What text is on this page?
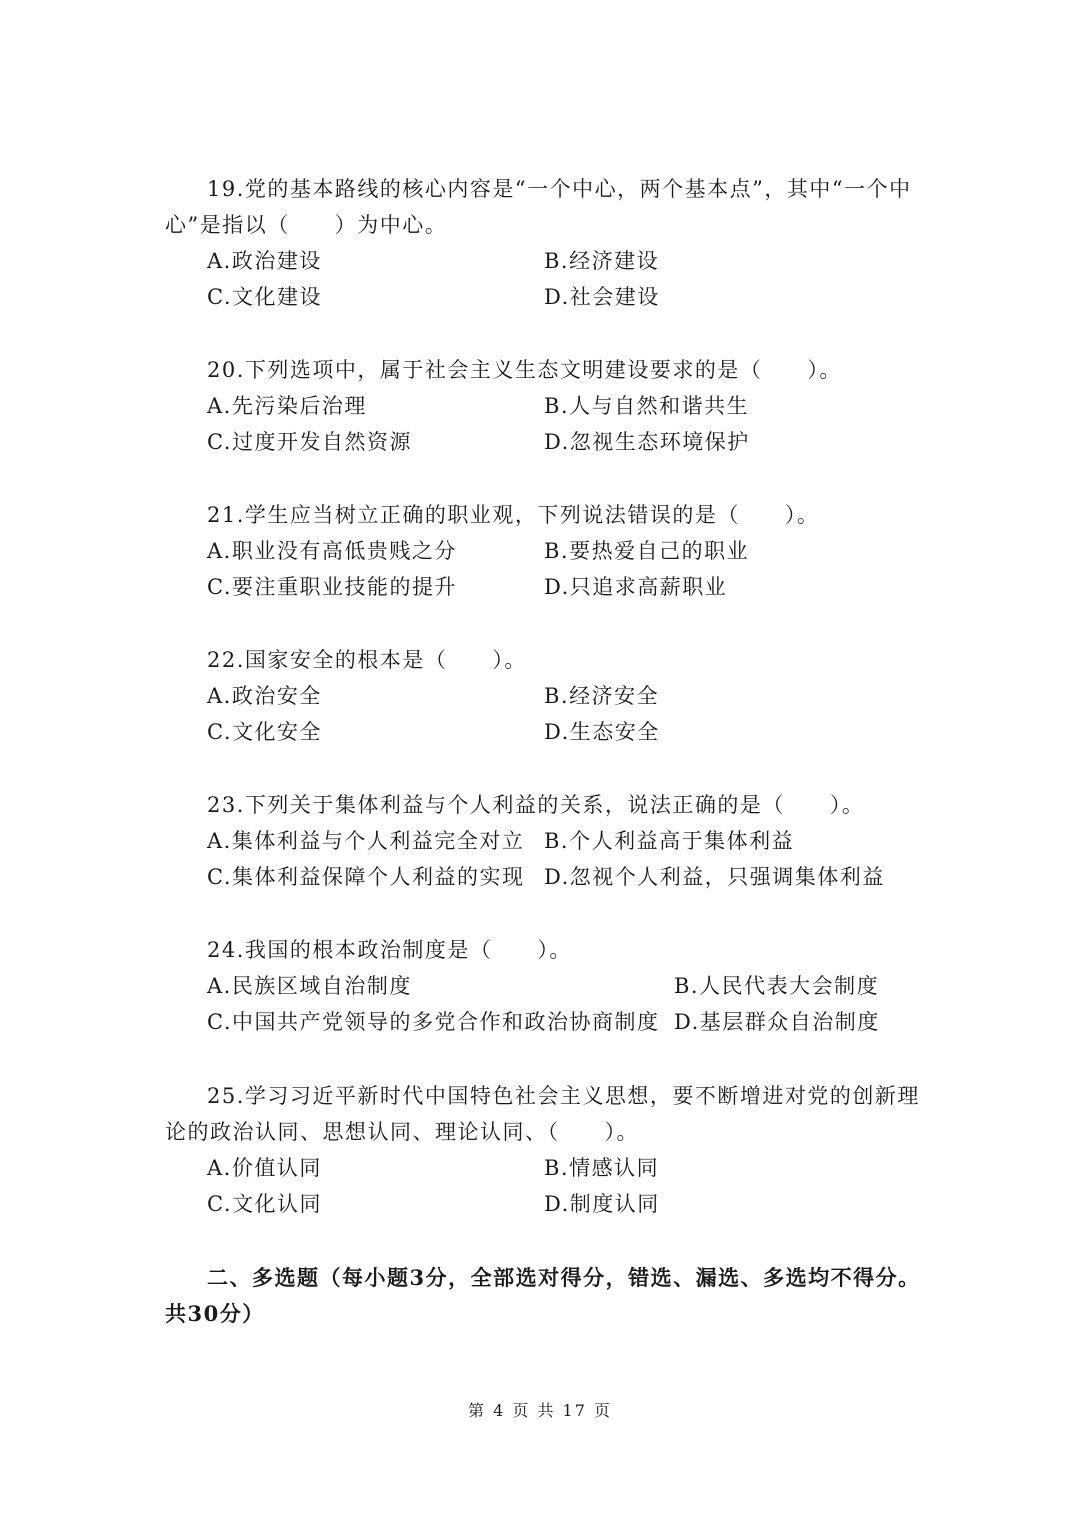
19.党的基本路线的核心内容是“一个中心，两个基本点”，其中“一个中心”是指以（　　）为中心。

A.政治建设	B.经济建设
C.文化建设	D.社会建设

20.下列选项中，属于社会主义生态文明建设要求的是（　　）。

A.先污染后治理	B.人与自然和谐共生
C.过度开发自然资源	D.忽视生态环境保护

21.学生应当树立正确的职业观，下列说法错误的是（　　）。

A.职业没有高低贵贱之分	B.要热爱自己的职业
C.要注重职业技能的提升	D.只追求高薪职业

22.国家安全的根本是（　　）。

A.政治安全	B.经济安全
C.文化安全	D.生态安全

23.下列关于集体利益与个人利益的关系，说法正确的是（　　）。

A.集体利益与个人利益完全对立 B.个人利益高于集体利益
C.集体利益保障个人利益的实现 D.忽视个人利益，只强调集体利益

24.我国的根本政治制度是（　　）。

A.民族区域自治制度	B.人民代表大会制度
C.中国共产党领导的多党合作和政治协商制度 D.基层群众自治制度

25.学习习近平新时代中国特色社会主义思想，要不断增进对党的创新理论的政治认同、思想认同、理论认同、（　　）。

A.价值认同	B.情感认同
C.文化认同	D.制度认同

二、多选题（每小题3分，全部选对得分，错选、漏选、多选均不得分。共30分）

第 4 页 共 17 页
